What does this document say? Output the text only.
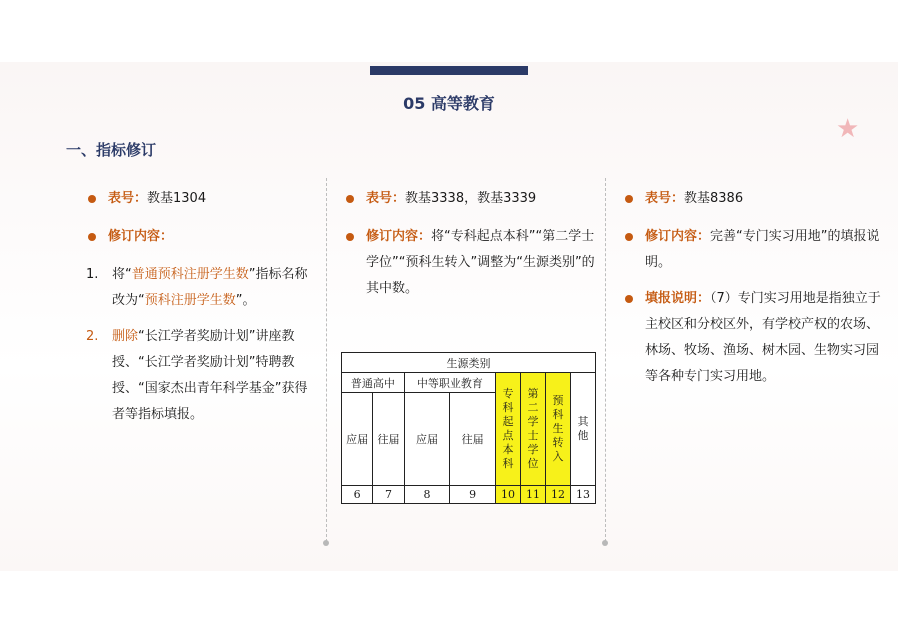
05 高等教育
★
一、指标修订
表号：教基1304
修订内容：
1. 将“普通预科注册学生数”指标名称改为“预科注册学生数”。
2. 删除“长江学者奖励计划”讲座教授、“长江学者奖励计划”特聘教授、“国家杰出青年科学基金”获得者等指标填报。
表号：教基3338，教基3339
修订内容：将“专科起点本科”“第二学士学位”“预科生转入”调整为“生源类别”的其中数。
生源类别							
普通高中		中等职业教育		专科起点本科	第二学士学位	预科生转入	其他

应届	往届	应届	往届				
6	7	8	9	10	11	12	13
表号：教基8386
修订内容：完善“专门实习用地”的填报说明。
填报说明：（7）专门实习用地是指独立于主校区和分校区外，有学校产权的农场、林场、牧场、渔场、树木园、生物实习园等各种专门实习用地。
